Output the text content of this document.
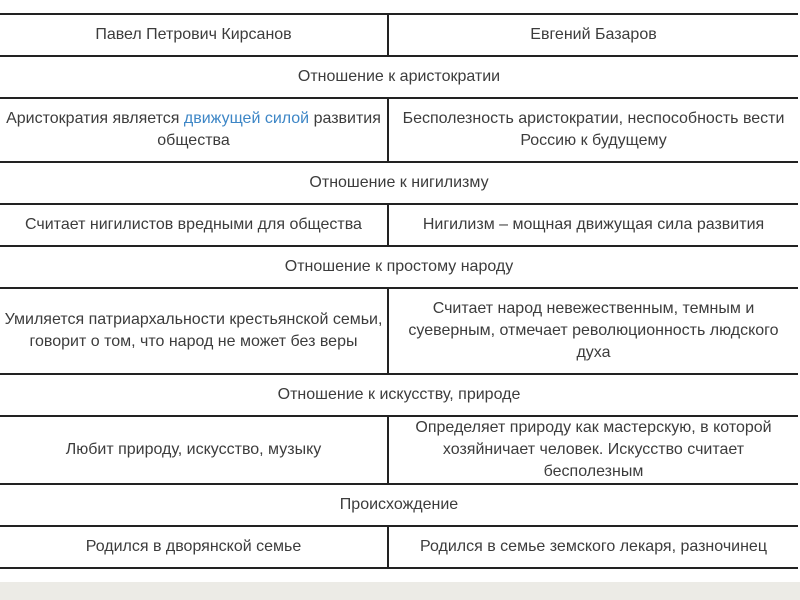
Павел Петрович Кирсанов	Евгений Базаров
Отношение к аристократии	
Аристократия является движущей силой развития общества	Бесполезность аристократии, неспособность вести Россию к будущему
Отношение к нигилизму	
Считает нигилистов вредными для общества	Нигилизм – мощная движущая сила развития
Отношение к простому народу	
Умиляется патриархальности крестьянской семьи, говорит о том, что народ не может без веры	Считает народ невежественным, темным и суеверным, отмечает революционность людского духа
Отношение к искусству, природе	
Любит природу, искусство, музыку	Определяет природу как мастерскую, в которой хозяйничает человек. Искусство считает бесполезным
Происхождение	
Родился в дворянской семье	Родился в семье земского лекаря, разночинец
